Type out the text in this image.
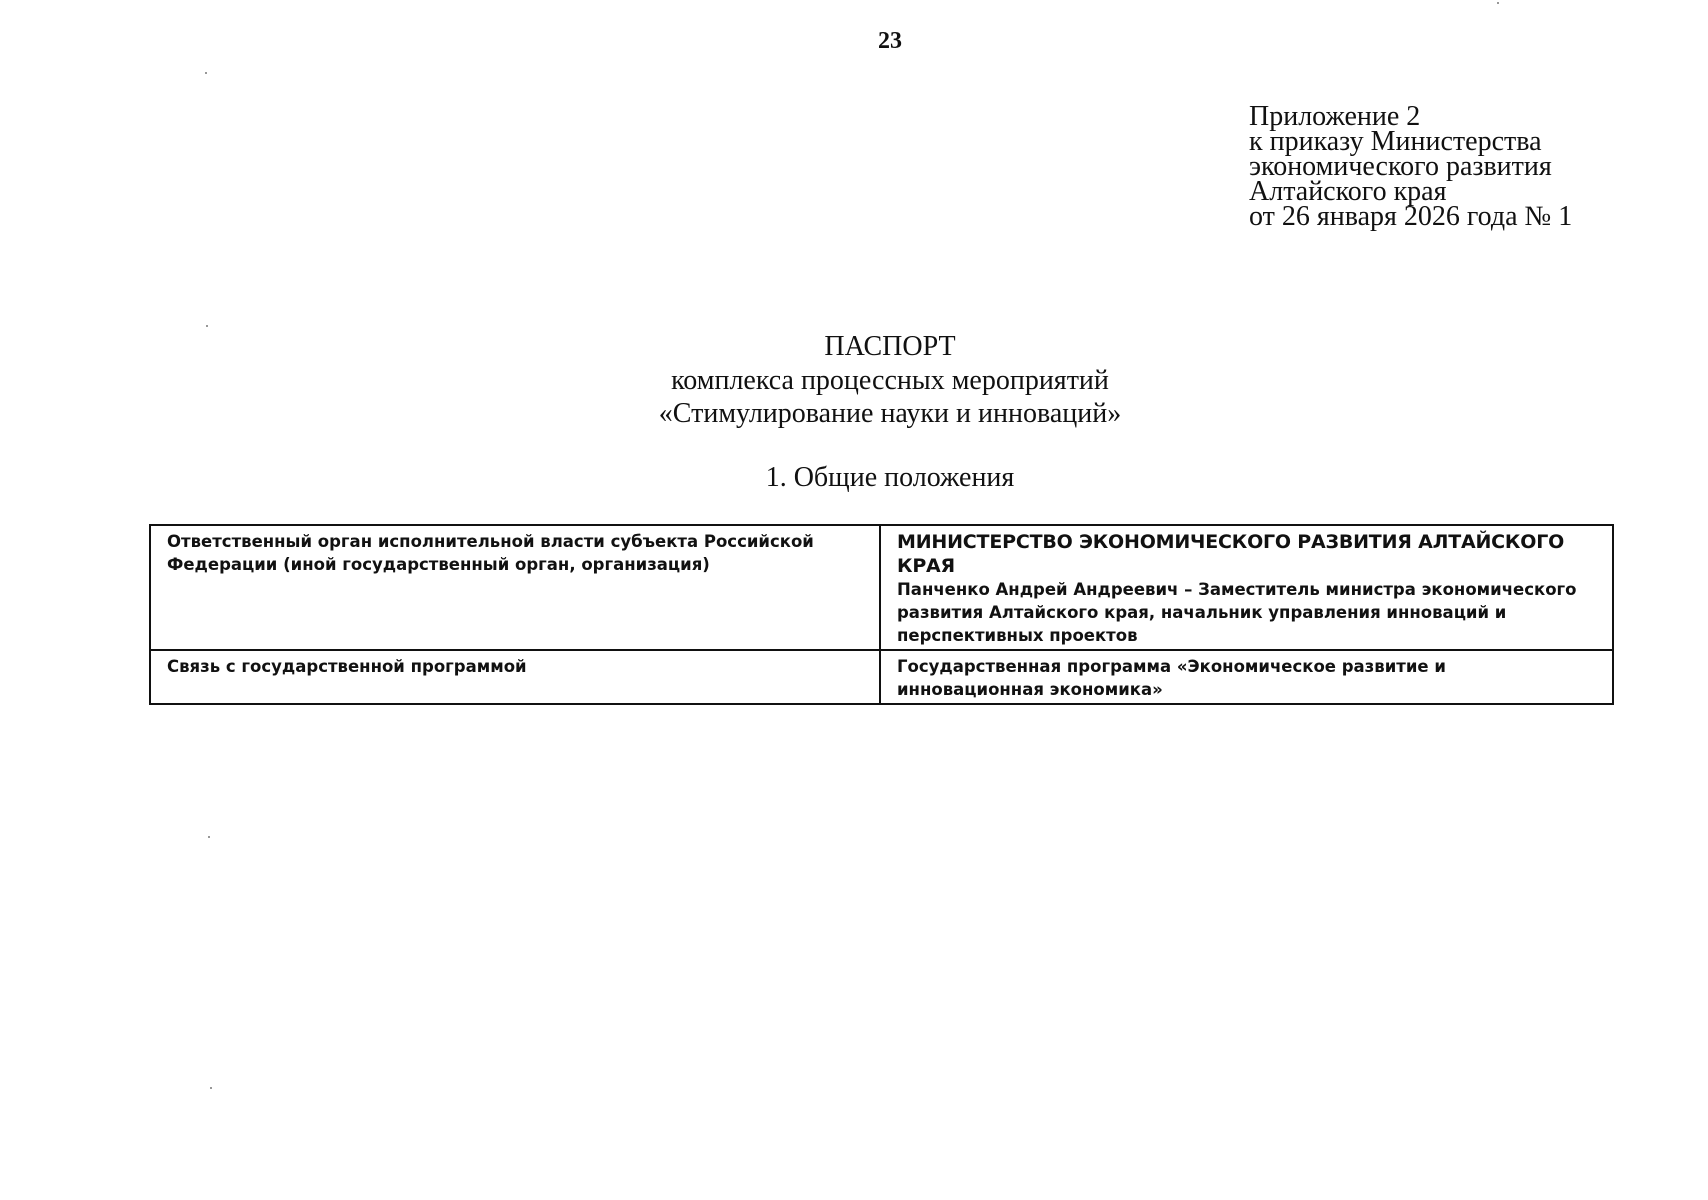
23
Приложение 2
к приказу Министерства
экономического развития
Алтайского края
от 26 января 2026 года № 1
ПАСПОРТ
комплекса процессных мероприятий
«Стимулирование науки и инноваций»
1. Общие положения
Ответственный орган исполнительной власти субъекта Российской Федерации (иной государственный орган, организация)	МИНИСТЕРСТВО ЭКОНОМИЧЕСКОГО РАЗВИТИЯ АЛТАЙСКОГО КРАЯ
Панченко Андрей Андреевич – Заместитель министра экономического развития Алтайского края, начальник управления инноваций и перспективных проектов

Связь с государственной программой	Государственная программа «Экономическое развитие и инновационная экономика»
